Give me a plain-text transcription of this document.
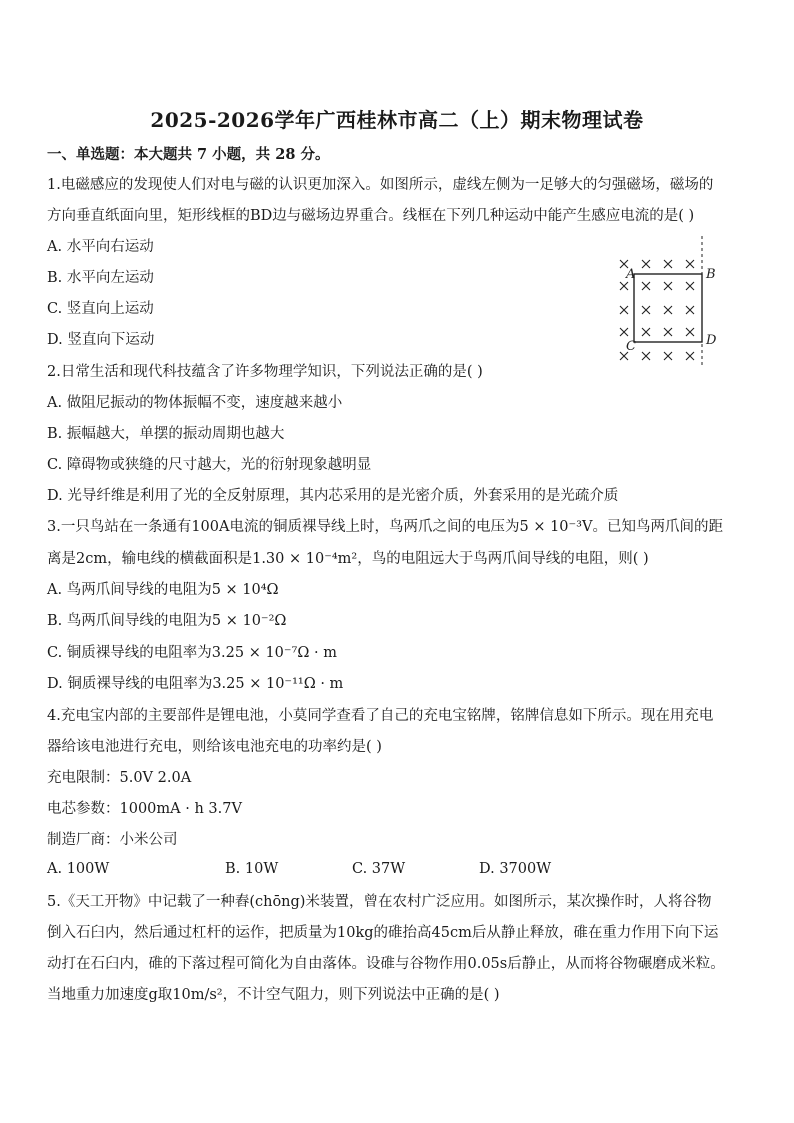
2025-2026学年广西桂林市高二（上）期末物理试卷
一、单选题：本大题共 7 小题，共 28 分。
1.电磁感应的发现使人们对电与磁的认识更加深入。如图所示，虚线左侧为一足够大的匀强磁场，磁场的
方向垂直纸面向里，矩形线框的BD边与磁场边界重合。线框在下列几种运动中能产生感应电流的是( )
A. 水平向右运动
B. 水平向左运动
C. 竖直向上运动
D. 竖直向下运动
A	B
C	D
2.日常生活和现代科技蕴含了许多物理学知识，下列说法正确的是( )
A. 做阻尼振动的物体振幅不变，速度越来越小
B. 振幅越大，单摆的振动周期也越大
C. 障碍物或狭缝的尺寸越大，光的衍射现象越明显
D. 光导纤维是利用了光的全反射原理，其内芯采用的是光密介质，外套采用的是光疏介质
3.一只鸟站在一条通有100A电流的铜质裸导线上时，鸟两爪之间的电压为5 × 10⁻³V。已知鸟两爪间的距
离是2cm，输电线的横截面积是1.30 × 10⁻⁴m²，鸟的电阻远大于鸟两爪间导线的电阻，则( )
A. 鸟两爪间导线的电阻为5 × 10⁴Ω
B. 鸟两爪间导线的电阻为5 × 10⁻²Ω
C. 铜质裸导线的电阻率为3.25 × 10⁻⁷Ω · m
D. 铜质裸导线的电阻率为3.25 × 10⁻¹¹Ω · m
4.充电宝内部的主要部件是锂电池，小莫同学查看了自己的充电宝铭牌，铭牌信息如下所示。现在用充电
器给该电池进行充电，则给该电池充电的功率约是( )
充电限制：5.0V 2.0A
电芯参数：1000mA · h 3.7V
制造厂商：小米公司
A. 100W	B. 10W	C. 37W	D. 3700W
5.《天工开物》中记载了一种舂(chōng)米装置，曾在农村广泛应用。如图所示，某次操作时，人将谷物
倒入石臼内，然后通过杠杆的运作，把质量为10kg的碓抬高45cm后从静止释放，碓在重力作用下向下运
动打在石臼内，碓的下落过程可简化为自由落体。设碓与谷物作用0.05s后静止，从而将谷物碾磨成米粒。
当地重力加速度g取10m/s²，不计空气阻力，则下列说法中正确的是( )
